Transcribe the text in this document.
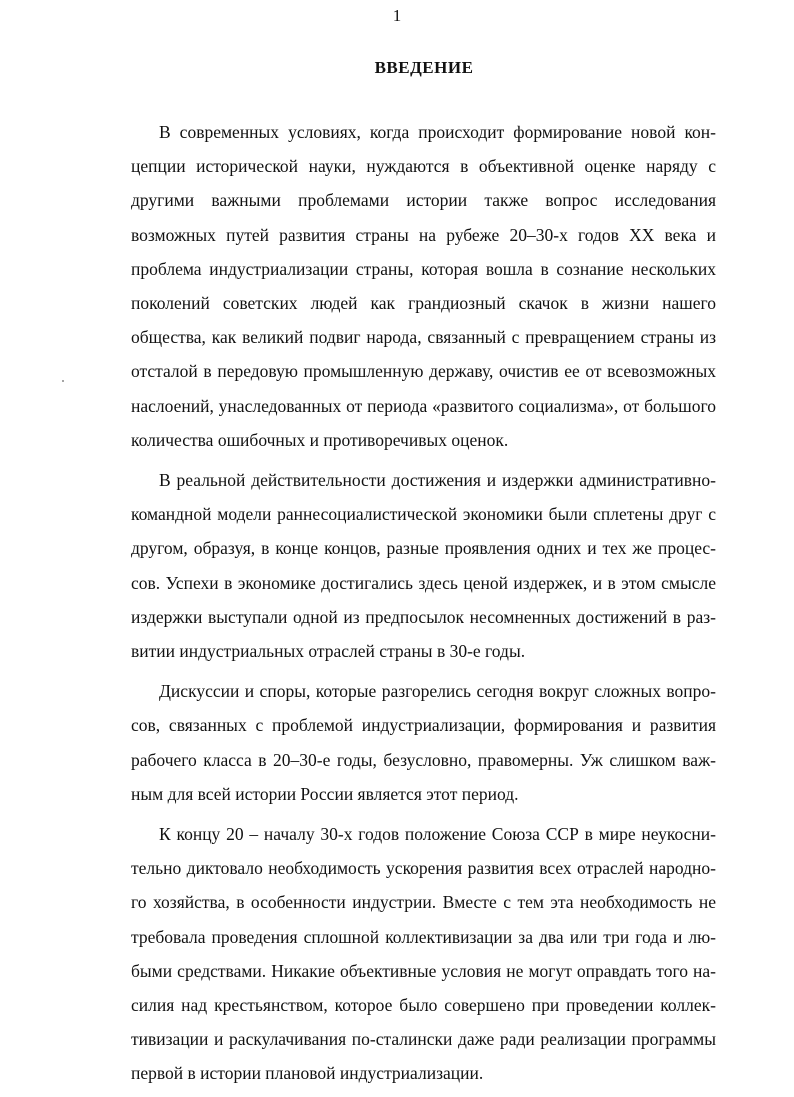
1
ВВЕДЕНИЕ

В современных условиях, когда происходит формирование новой концепции исторической науки, нуждаются в объективной оценке наряду с другими важными проблемами истории также вопрос исследования возможных путей развития страны на рубеже 20–30-х годов XX века и проблема индустриализации страны, которая вошла в сознание нескольких поколений советских людей как грандиозный скачок в жизни нашего общества, как великий подвиг народа, связанный с превращением страны из отсталой в передовую промышленную державу, очистив ее от всевозможных наслоений, унаследованных от периода «развитого социализма», от большого количества ошибочных и противоречивых оценок.

В реальной действительности достижения и издержки административно-командной модели раннесоциалистической экономики были сплетены друг с другом, образуя, в конце концов, разные проявления одних и тех же процессов. Успехи в экономике достигались здесь ценой издержек, и в этом смысле издержки выступали одной из предпосылок несомненных достижений в развитии индустриальных отраслей страны в 30-е годы.

Дискуссии и споры, которые разгорелись сегодня вокруг сложных вопросов, связанных с проблемой индустриализации, формирования и развития рабочего класса в 20–30-е годы, безусловно, правомерны. Уж слишком важным для всей истории России является этот период.

К концу 20 – началу 30-х годов положение Союза ССР в мире неукоснительно диктовало необходимость ускорения развития всех отраслей народного хозяйства, в особенности индустрии. Вместе с тем эта необходимость не требовала проведения сплошной коллективизации за два или три года и любыми средствами. Никакие объективные условия не могут оправдать того насилия над крестьянством, которое было совершено при проведении коллективизации и раскулачивания по-сталински даже ради реализации программы первой в истории плановой индустриализации.
